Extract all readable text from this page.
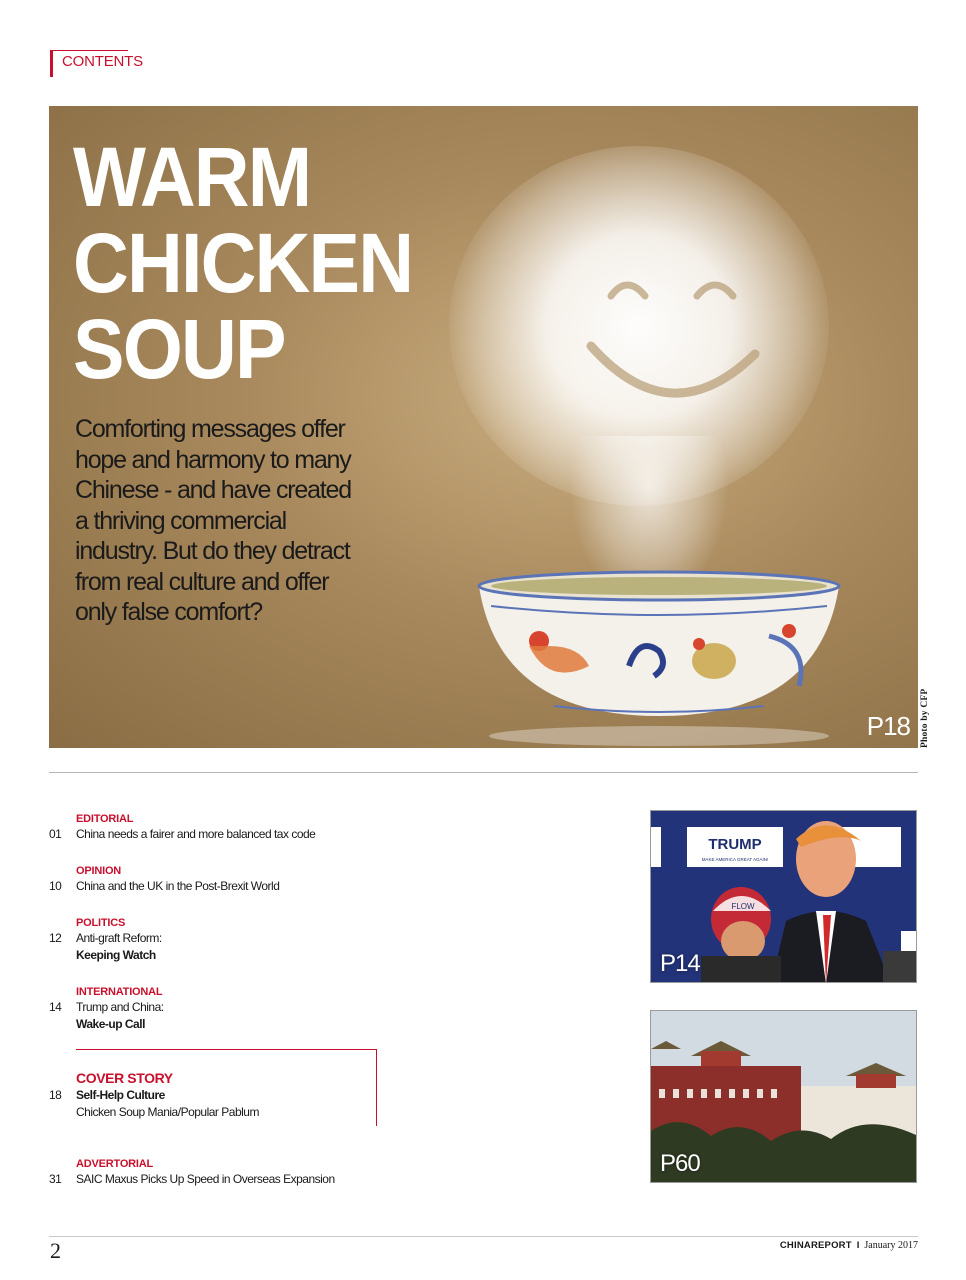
CONTENTS
WARM
CHICKEN
SOUP

Comforting messages offer hope and harmony to many Chinese - and have created a thriving commercial industry. But do they detract from real culture and offer only false comfort?

P18 Photo by CFP
EDITORIAL
01	China needs a fairer and more balanced tax code
OPINION
10	China and the UK in the Post-Brexit World
POLITICS
12	Anti-graft Reform:
Keeping Watch
INTERNATIONAL
14	Trump and China:
Wake-up Call
COVER STORY
18	Self-Help Culture
Chicken Soup Mania/Popular Pablum
ADVERTORIAL
31	SAIC Maxus Picks Up Speed in Overseas Expansion
TRUMP
MAKE AMERICA GREAT AGAIN!
FLOW
P14
P60
2	CHINAREPORT I January 2017
